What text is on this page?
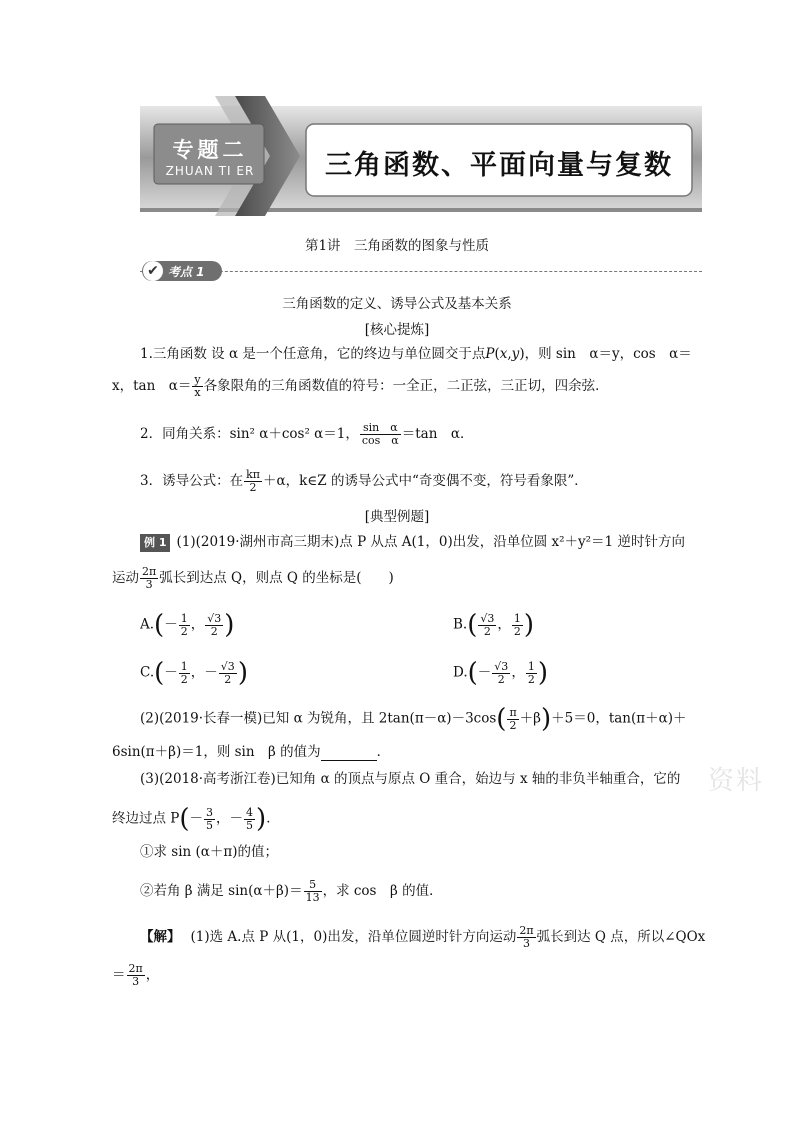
专题二
ZHUAN TI ER	三角函数、平面向量与复数
第1讲　三角函数的图象与性质
✔ 考点 1
三角函数的定义、诱导公式及基本关系
[核心提炼]
1.三角函数 设 α 是一个任意角，它的终边与单位圆交于点P(x,y)，则 sin　α＝y，cos　α＝
x，tan　$\alpha= \frac{y}{x}$ 各象限角的三角函数值的符号：一全正，二正弦，三正切，四余弦．
2．同角关系：sin² α＋cos² α＝1， $\frac{\text{sin　α}}{\text{cos　α}} =\tan$　α．
3．诱导公式：在 $\frac{k\pi}{2} +\alpha$，k∈Z 的诱导公式中“奇变偶不变，符号看象限”．
[典型例题]
例 1 (1)(2019·湖州市高三期末)点 P 从点 A(1，0)出发，沿单位圆 x²＋y²＝1 逆时针方向
运动 $\frac{2\pi}{3}$ 弧长到达点 Q，则点 Q 的坐标是(　　)
$A.(- \frac{1}{2}$ ， $\frac{√3}{2}$ )	$B.( \frac{√3}{2}$ ， $\frac{1}{2}$ )
$C.(- \frac{1}{2}$ ，－ $\frac{√3}{2}$ )	$D.(- \frac{√3}{2}$ ， $\frac{1}{2}$ )
(2)(2019·长春一模)已知 α 为锐角，且 $2\tan(\pi-\alpha)-3\cos( \frac{\pi}{2} +\beta)+5=0$，tan(π＋α)＋
6sin(π＋β)＝1，则 sin　β 的值为	．
(3)(2018·高考浙江卷)已知角 α 的顶点与原点 O 重合，始边与 x 轴的非负半轴重合，它的
终边过点 $P(- \frac{3}{5}$ ，－ $\frac{4}{5}$ )．
①求 sin (α＋π)的值；
②若角 β 满足 $\sin(\alpha+\beta)= \frac{5}{13}$ ，求 cos　β 的值．
【解】 (1)选 A.点 P 从(1，0)出发，沿单位圆逆时针方向运动 $\frac{2\pi}{3}$ 弧长到达 Q 点，所以∠QOx
＝ $\frac{2\pi}{3}$ ，
资料
